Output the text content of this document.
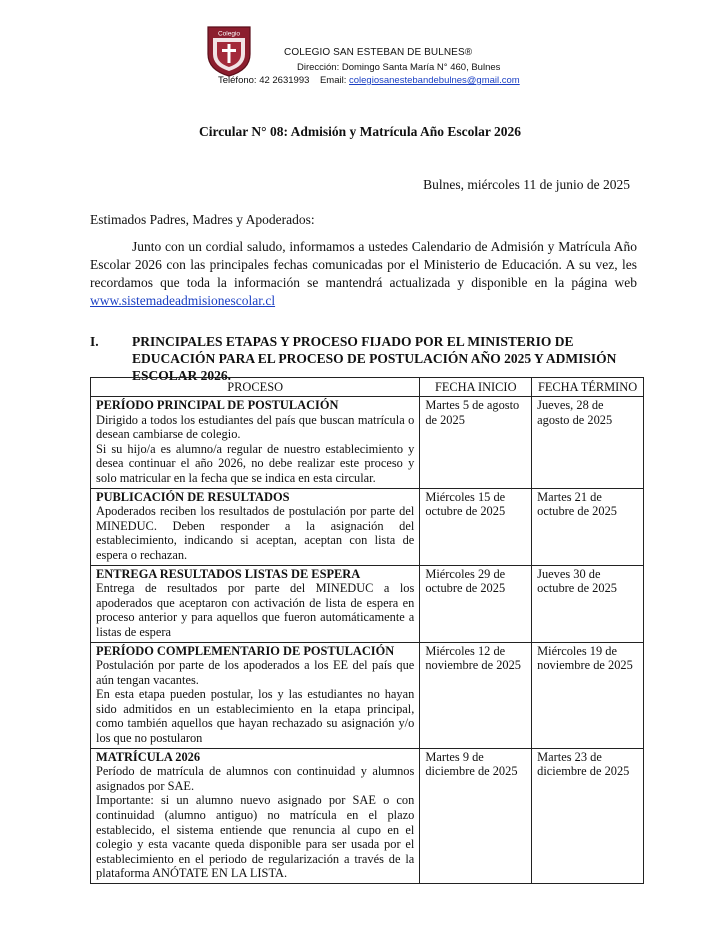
Colegio
COLEGIO SAN ESTEBAN DE BULNES®
Dirección: Domingo Santa María N° 460, Bulnes
Teléfono: 42 2631993 Email: colegiosanestebandebulnes@gmail.com
Circular N° 08: Admisión y Matrícula Año Escolar 2026
Bulnes, miércoles 11 de junio de 2025
Estimados Padres, Madres y Apoderados:
Junto con un cordial saludo, informamos a ustedes Calendario de Admisión y Matrícula Año Escolar 2026 con las principales fechas comunicadas por el Ministerio de Educación. A su vez, les recordamos que toda la información se mantendrá actualizada y disponible en la página web www.sistemadeadmisionescolar.cl
I. PRINCIPALES ETAPAS Y PROCESO FIJADO POR EL MINISTERIO DE EDUCACIÓN PARA EL PROCESO DE POSTULACIÓN AÑO 2025 Y ADMISIÓN ESCOLAR 2026.
PROCESO	FECHA INICIO	FECHA TÉRMINO

PERÍODO PRINCIPAL DE POSTULACIÓN
Dirigido a todos los estudiantes del país que buscan matrícula o desean cambiarse de colegio.
Si su hijo/a es alumno/a regular de nuestro establecimiento y desea continuar el año 2026, no debe realizar este proceso y solo matricular en la fecha que se indica en esta circular.	Martes 5 de agosto de 2025	Jueves, 28 de agosto de 2025

PUBLICACIÓN DE RESULTADOS
Apoderados reciben los resultados de postulación por parte del MINEDUC. Deben responder a la asignación del establecimiento, indicando si aceptan, aceptan con lista de espera o rechazan.	Miércoles 15 de octubre de 2025	Martes 21 de octubre de 2025

ENTREGA RESULTADOS LISTAS DE ESPERA
Entrega de resultados por parte del MINEDUC a los apoderados que aceptaron con activación de lista de espera en proceso anterior y para aquellos que fueron automáticamente a listas de espera	Miércoles 29 de octubre de 2025	Jueves 30 de octubre de 2025

PERÍODO COMPLEMENTARIO DE POSTULACIÓN
Postulación por parte de los apoderados a los EE del país que aún tengan vacantes.
En esta etapa pueden postular, los y las estudiantes no hayan sido admitidos en un establecimiento en la etapa principal, como también aquellos que hayan rechazado su asignación y/o los que no postularon	Miércoles 12 de noviembre de 2025	Miércoles 19 de noviembre de 2025

MATRÍCULA 2026
Período de matrícula de alumnos con continuidad y alumnos asignados por SAE.
Importante: si un alumno nuevo asignado por SAE o con continuidad (alumno antiguo) no matrícula en el plazo establecido, el sistema entiende que renuncia al cupo en el colegio y esta vacante queda disponible para ser usada por el establecimiento en el periodo de regularización a través de la plataforma ANÓTATE EN LA LISTA.	Martes 9 de diciembre de 2025	Martes 23 de diciembre de 2025
